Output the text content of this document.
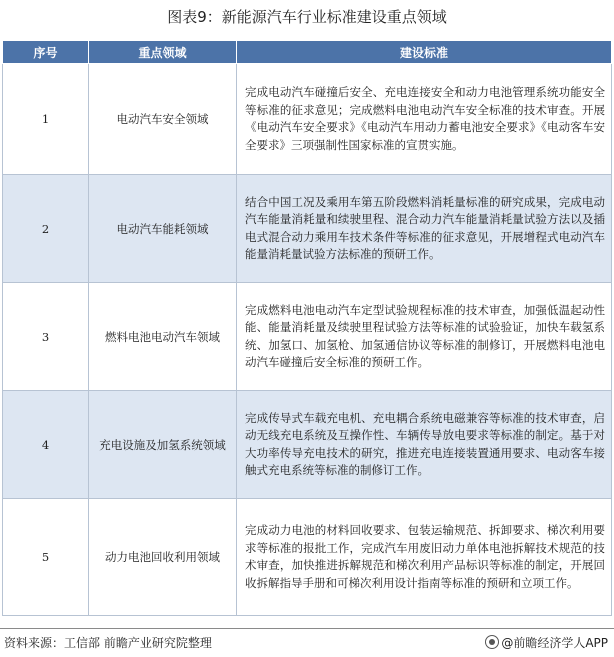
图表9：新能源汽车行业标准建设重点领域
序号	重点领域	建设标准
1	电动汽车安全领域	完成电动汽车碰撞后安全、充电连接安全和动力电池管理系统功能安全等标准的征求意见；完成燃料电池电动汽车安全标准的技术审查。开展《电动汽车安全要求》《电动汽车用动力蓄电池安全要求》《电动客车安全要求》三项强制性国家标准的宣贯实施。
2	电动汽车能耗领域	结合中国工况及乘用车第五阶段燃料消耗量标准的研究成果，完成电动汽车能量消耗量和续驶里程、混合动力汽车能量消耗量试验方法以及插电式混合动力乘用车技术条件等标准的征求意见，开展增程式电动汽车能量消耗量试验方法标准的预研工作。
3	燃料电池电动汽车领域	完成燃料电池电动汽车定型试验规程标准的技术审查，加强低温起动性能、能量消耗量及续驶里程试验方法等标准的试验验证，加快车载氢系统、加氢口、加氢枪、加氢通信协议等标准的制修订，开展燃料电池电动汽车碰撞后安全标准的预研工作。
4	充电设施及加氢系统领域	完成传导式车载充电机、充电耦合系统电磁兼容等标准的技术审查，启动无线充电系统及互操作性、车辆传导放电要求等标准的制定。基于对大功率传导充电技术的研究，推进充电连接装置通用要求、电动客车接触式充电系统等标准的制修订工作。
5	动力电池回收利用领域	完成动力电池的材料回收要求、包装运输规范、拆卸要求、梯次利用要求等标准的报批工作，完成汽车用废旧动力单体电池拆解技术规范的技术审查，加快推进拆解规范和梯次利用产品标识等标准的制定，开展回收拆解指导手册和可梯次利用设计指南等标准的预研和立项工作。
资料来源：工信部 前瞻产业研究院整理	@前瞻经济学人APP
